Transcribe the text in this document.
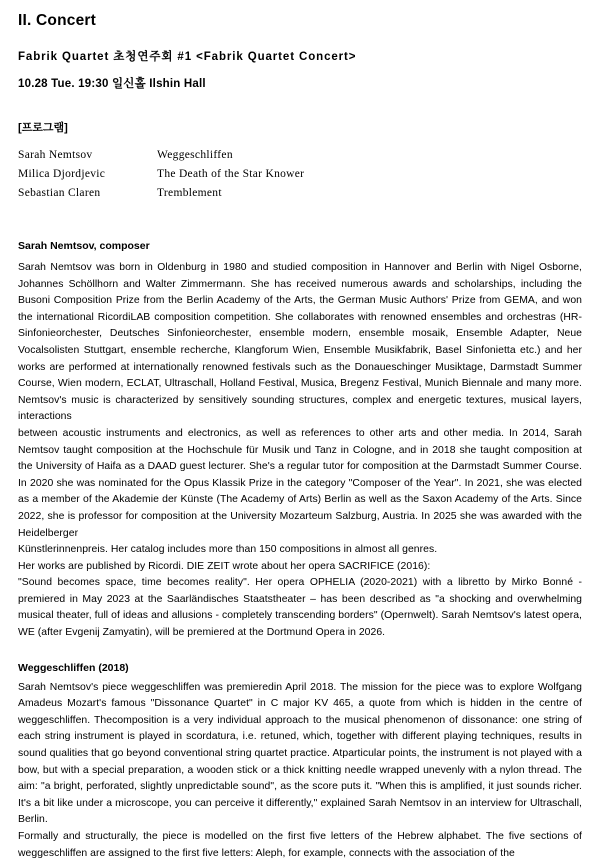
II. Concert
Fabrik Quartet 초청연주회 #1 <Fabrik Quartet Concert>
10.28 Tue. 19:30 일신홀 Ilshin Hall
[프로그램]
Sarah Nemtsov	Weggeschliffen
Milica Djordjevic	The Death of the Star Knower
Sebastian Claren	Tremblement
Sarah Nemtsov, composer

Sarah Nemtsov was born in Oldenburg in 1980 and studied composition in Hannover and Berlin with Nigel Osborne, Johannes Schöllhorn and Walter Zimmermann. She has received numerous awards and scholarships, including the Busoni Composition Prize from the Berlin Academy of the Arts, the German Music Authors' Prize from GEMA, and won the international RicordiLAB composition competition. She collaborates with renowned ensembles and orchestras (HR-Sinfonieorchester, Deutsches Sinfonieorchester, ensemble modern, ensemble mosaik, Ensemble Adapter, Neue Vocalsolisten Stuttgart, ensemble recherche, Klangforum Wien, Ensemble Musikfabrik, Basel Sinfonietta etc.) and her works are performed at internationally renowned festivals such as the Donaueschinger Musiktage, Darmstadt Summer Course, Wien modern, ECLAT, Ultraschall, Holland Festival, Musica, Bregenz Festival, Munich Biennale and many more. Nemtsov's music is characterized by sensitively sounding structures, complex and energetic textures, musical layers, interactions

between acoustic instruments and electronics, as well as references to other arts and other media. In 2014, Sarah Nemtsov taught composition at the Hochschule für Musik und Tanz in Cologne, and in 2018 she taught composition at the University of Haifa as a DAAD guest lecturer. She's a regular tutor for composition at the Darmstadt Summer Course. In 2020 she was nominated for the Opus Klassik Prize in the category "Composer of the Year". In 2021, she was elected as a member of the Akademie der Künste (The Academy of Arts) Berlin as well as the Saxon Academy of the Arts. Since 2022, she is professor for composition at the University Mozarteum Salzburg, Austria. In 2025 she was awarded with the Heidelberger

Künstlerinnenpreis. Her catalog includes more than 150 compositions in almost all genres.

Her works are published by Ricordi. DIE ZEIT wrote about her opera SACRIFICE (2016):

"Sound becomes space, time becomes reality". Her opera OPHELIA (2020-2021) with a libretto by Mirko Bonné - premiered in May 2023 at the Saarländisches Staatstheater – has been described as "a shocking and overwhelming musical theater, full of ideas and allusions - completely transcending borders" (Opernwelt). Sarah Nemtsov's latest opera, WE (after Evgenij Zamyatin), will be premiered at the Dortmund Opera in 2026.

Weggeschliffen (2018)

Sarah Nemtsov's piece weggeschliffen was premieredin April 2018. The mission for the piece was to explore Wolfgang Amadeus Mozart's famous "Dissonance Quartet" in C major KV 465, a quote from which is hidden in the centre of weggeschliffen. Thecomposition is a very individual approach to the musical phenomenon of dissonance: one string of each string instrument is played in scordatura, i.e. retuned, which, together with different playing techniques, results in sound qualities that go beyond conventional string quartet practice. Atparticular points, the instrument is not played with a bow, but with a special preparation, a wooden stick or a thick knitting needle wrapped unevenly with a nylon thread. The aim: "a bright, perforated, slightly unpredictable sound", as the score puts it. "When this is amplified, it just sounds richer. It's a bit like under a microscope, you can perceive it differently," explained Sarah Nemtsov in an interview for Ultraschall, Berlin.

Formally and structurally, the piece is modelled on the first five letters of the Hebrew alphabet. The five sections of weggeschliffen are assigned to the first five letters: Aleph, for example, connects with the association of the
